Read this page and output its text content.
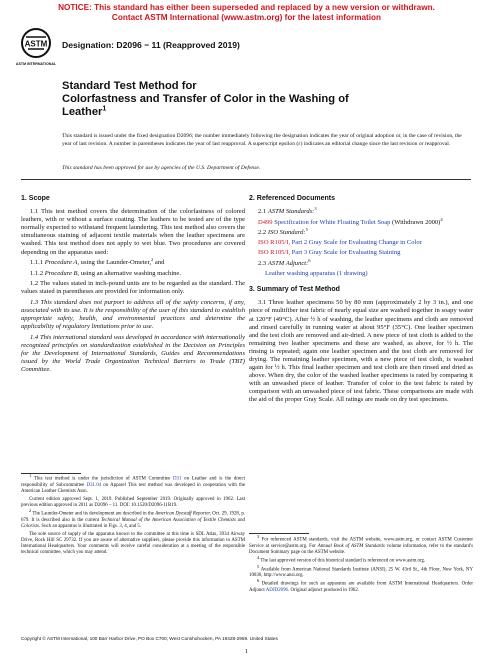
NOTICE: This standard has either been superseded and replaced by a new version or withdrawn.
Contact ASTM International (www.astm.org) for the latest information
ASTM
ASTM INTERNATIONAL
Designation: D2096 − 11 (Reapproved 2019)
Standard Test Method for
Colorfastness and Transfer of Color in the Washing of
Leather$^1$
This standard is issued under the fixed designation D2096; the number immediately following the designation indicates the year of original adoption or, in the case of revision, the year of last revision. A number in parentheses indicates the year of last reapproval. A superscript epsilon (ε) indicates an editorial change since the last revision or reapproval.
This standard has been approved for use by agencies of the U.S. Department of Defense.
1. Scope

1.1 This test method covers the determination of the colorfastness of colored leathers, with or without a surface coating. The leathers to be tested are of the type normally expected to withstand frequent laundering. This test method also covers the simultaneous staining of adjacent textile materials when the leather specimens are washed. This test method does not apply to wet blue. Two procedures are covered depending on the apparatus used:

1.1.1 Procedure A, using the Launder-Ometer,$^2$ and

1.1.2 Procedure B, using an alternative washing machine.

1.2 The values stated in inch-pound units are to be regarded as the standard. The values stated in parentheses are provided for information only.

1.3 This standard does not purport to address all of the safety concerns, if any, associated with its use. It is the responsibility of the user of this standard to establish appropriate safety, health, and environmental practices and determine the applicability of regulatory limitations prior to use.

1.4 This international standard was developed in accordance with internationally recognized principles on standardization established in the Decision on Principles for the Development of International Standards, Guides and Recommendations issued by the World Trade Organization Technical Barriers to Trade (TBT) Committee.

$^1$ This test method is under the jurisdiction of ASTM Committee D31 on Leather and is the direct responsibility of Subcommittee D31.04 on Apparel This test method was developed in cooperation with the American Leather Chemists Assn.

Current edition approved Sept. 1, 2019. Published September 2019. Originally approved in 1962. Last previous edition approved in 2011 as D2096 – 11. DOI: 10.1520/D2096-11R19.

$^2$ The Launder-Ometer and its development are described in the American Dyestuff Reporter, Oct. 29, 1928, p. 679. It is described also in the current Technical Manual of the American Association of Textile Chemists and Colorists. Such an apparatus is illustrated in Figs. 3, 4, and 5.

The sole source of supply of the apparatus known to the committee at this time is SDL Atlas, 3934 Airway Drive, Rock Hill SC 29732. If you are aware of alternative suppliers, please provide this information to ASTM International Headquarters. Your comments will receive careful consideration at a meeting of the responsible technical committee, which you may attend.

2. Referenced Documents

2.1 ASTM Standards:$^3$

D499 Specification for White Floating Toilet Soap (Withdrawn 2000)$^4$

2.2 ISO Standard:$^5$

ISO R105/I, Part 2 Gray Scale for Evaluating Change in Color

ISO R105/I, Part 3 Gray Scale for Evaluating Staining

2.3 ASTM Adjunct:$^6$

Leather washing apparatus (1 drawing)

3. Summary of Test Method

3.1 Three leather specimens 50 by 80 mm (approximately 2 by 3 in.), and one piece of multifiber test fabric of nearly equal size are washed together in soapy water at 120°F (49°C). After ½ h of washing, the leather specimens and cloth are removed and rinsed carefully in running water at about 95°F (35°C). One leather specimen and the test cloth are removed and air-dried. A new piece of test cloth is added to the remaining two leather specimens and these are washed, as above, for ½ h. The rinsing is repeated; again one leather specimen and the test cloth are removed for drying. The remaining leather specimen, with a new piece of test cloth, is washed again for ½ h. This final leather specimen and test cloth are then rinsed and dried as above. When dry, the color of the washed leather specimens is rated by comparing it with an unwashed piece of leather. Transfer of color to the test fabric is rated by comparison with an unwashed piece of test fabric. These comparisons are made with the aid of the proper Gray Scale. All ratings are made on dry test specimens.

$^3$ For referenced ASTM standards, visit the ASTM website, www.astm.org, or contact ASTM Customer Service at service@astm.org. For Annual Book of ASTM Standards volume information, refer to the standard's Document Summary page on the ASTM website.

$^4$ The last approved version of this historical standard is referenced on www.astm.org.

$^5$ Available from American National Standards Institute (ANSI), 25 W. 43rd St., 4th Floor, New York, NY 10036, http://www.ansi.org.

$^6$ Detailed drawings for such an apparatus are available from ASTM International Headquarters. Order Adjunct ADJD2096. Original adjunct produced in 1962.

Copyright © ASTM International, 100 Barr Harbor Drive, PO Box C700, West Conshohocken, PA 19428-2959. United States
1
